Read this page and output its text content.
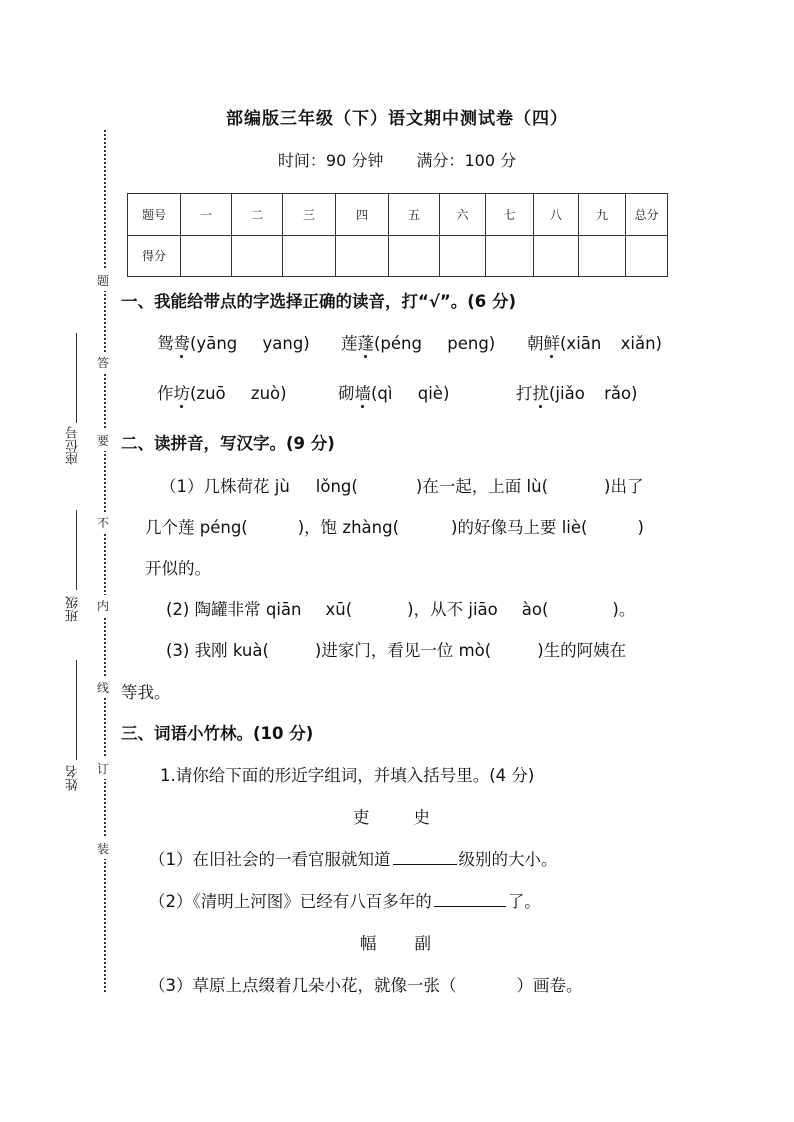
题
答
要
不
内
线
订
装
座位号
班级
姓名
部编版三年级（下）语文期中测试卷（四）
时间：90 分钟 满分：100 分
题号	一	二	三	四	五	六	七	八	九	总分
得分										
一、我能给带点的字选择正确的读音，打“√”。(6 分)
鸳鸯(yāng yang) 莲蓬(péng peng) 朝鲜(xiān xiǎn)
作坊(zuō zuò)	砌墙(qì qiè)	打扰(jiǎo rǎo)
二、读拼音，写汉字。(9 分)
（1）几株荷花 jù lǒng(	)在一起，上面 lù(	)出了
几个莲 péng(	)，饱 zhàng(	)的好像马上要 liè(	)
开似的。
(2) 陶罐非常 qiān xū(	)，从不 jiāo ào(	)。
(3) 我刚 kuà(	)进家门，看见一位 mò(	)生的阿姨在
等我。
三、词语小竹林。(10 分)
1.请你给下面的形近字组词，并填入括号里。(4 分)
吏	史
（1）在旧社会的一看官服就知道	级别的大小。
（2）《清明上河图》已经有八百多年的	了。
幅 副
（3）草原上点缀着几朵小花，就像一张（	）画卷。
